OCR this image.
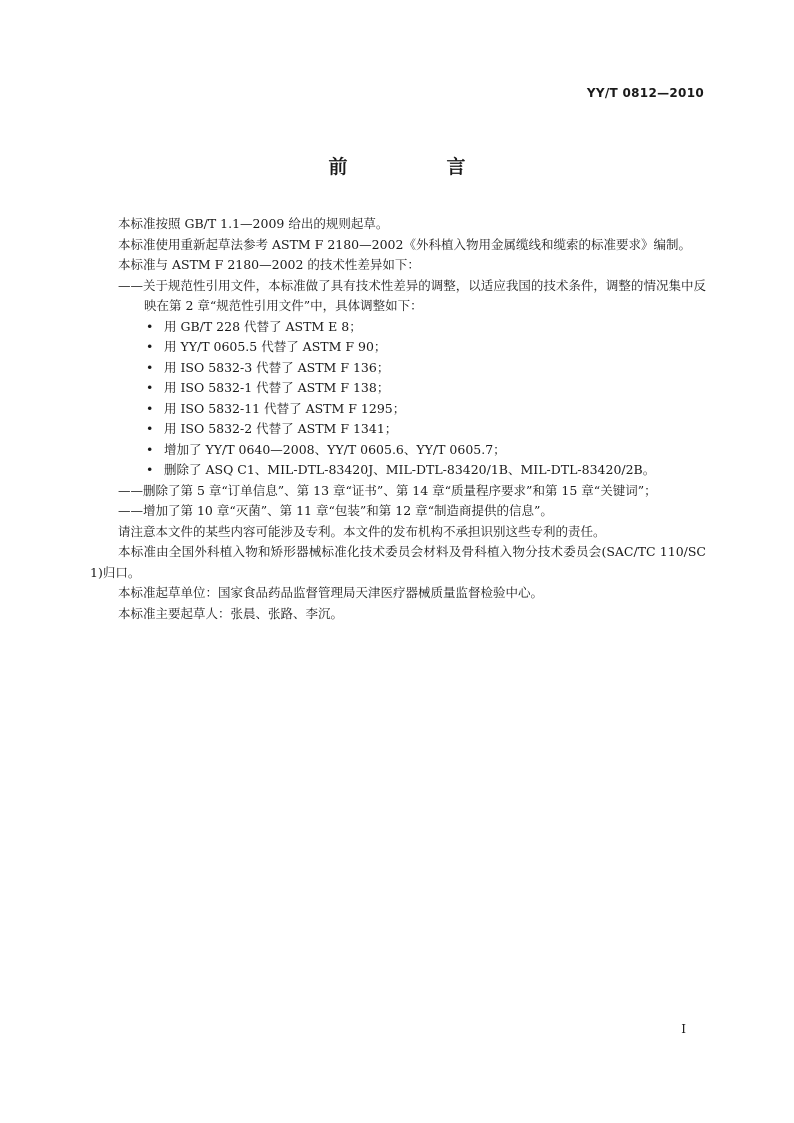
YY/T 0812—2010
前　言

本标准按照 GB/T 1.1—2009 给出的规则起草。

本标准使用重新起草法参考 ASTM F 2180—2002《外科植入物用金属缆线和缆索的标准要求》编制。

本标准与 ASTM F 2180—2002 的技术性差异如下：

——关于规范性引用文件，本标准做了具有技术性差异的调整，以适应我国的技术条件，调整的情况集中反映在第 2 章“规范性引用文件”中，具体调整如下：

• 用 GB/T 228 代替了 ASTM E 8；
• 用 YY/T 0605.5 代替了 ASTM F 90；
• 用 ISO 5832-3 代替了 ASTM F 136；
• 用 ISO 5832-1 代替了 ASTM F 138；
• 用 ISO 5832-11 代替了 ASTM F 1295；
• 用 ISO 5832-2 代替了 ASTM F 1341；
• 增加了 YY/T 0640—2008、YY/T 0605.6、YY/T 0605.7；
• 删除了 ASQ C1、MIL-DTL-83420J、MIL-DTL-83420/1B、MIL-DTL-83420/2B。

——删除了第 5 章“订单信息”、第 13 章“证书”、第 14 章“质量程序要求”和第 15 章“关键词”；

——增加了第 10 章“灭菌”、第 11 章“包装”和第 12 章“制造商提供的信息”。

请注意本文件的某些内容可能涉及专利。本文件的发布机构不承担识别这些专利的责任。

本标准由全国外科植入物和矫形器械标准化技术委员会材料及骨科植入物分技术委员会(SAC/TC 110/SC 1)归口。

本标准起草单位：国家食品药品监督管理局天津医疗器械质量监督检验中心。

本标准主要起草人：张晨、张路、李沉。

I
